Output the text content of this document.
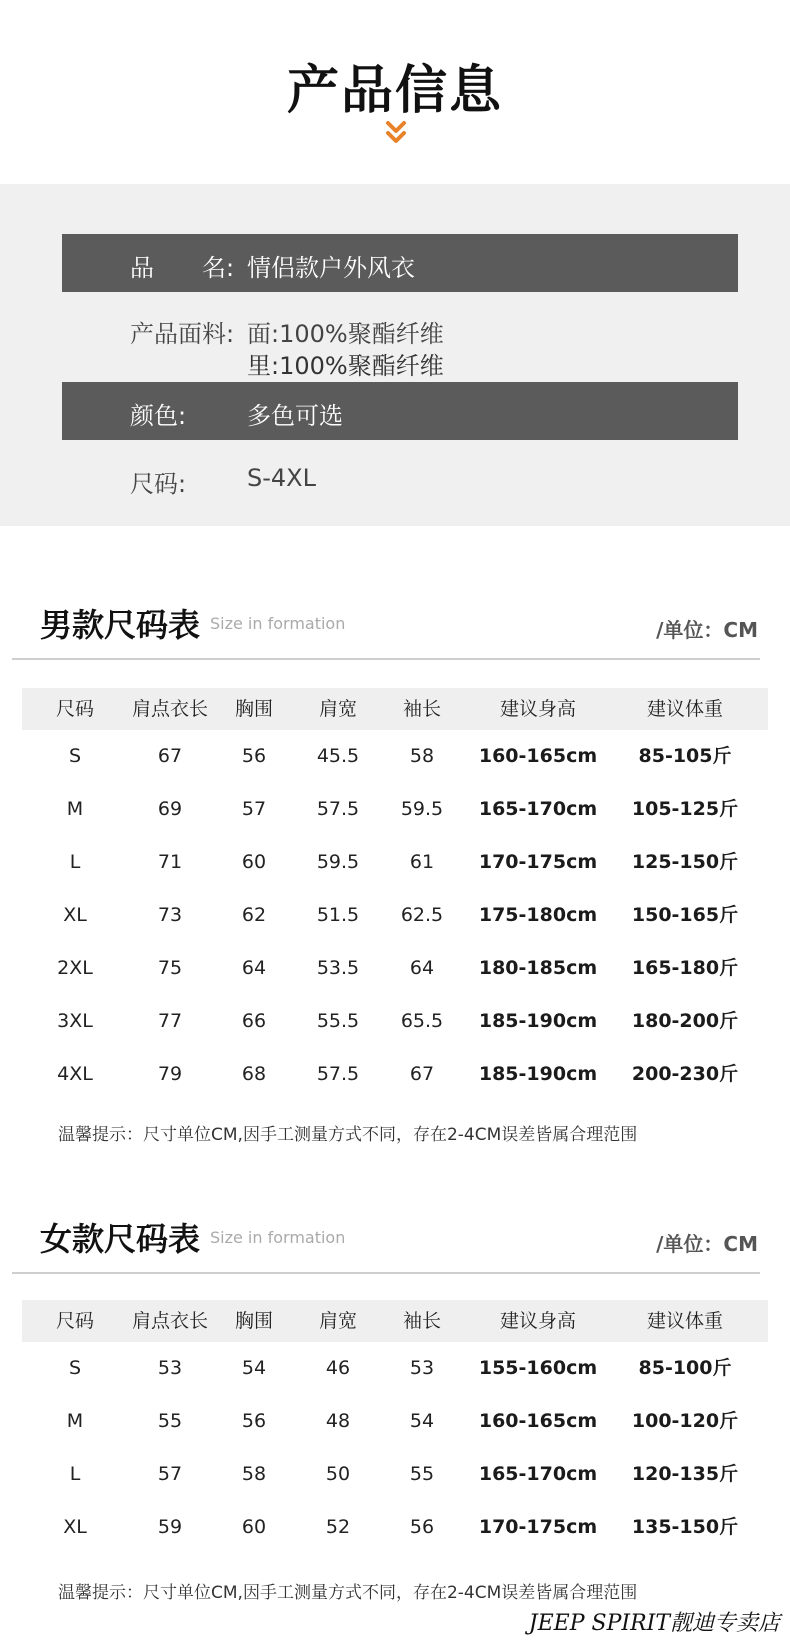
产品信息
品　　名: 情侣款户外风衣
产品面料: 面:100%聚酯纤维
里:100%聚酯纤维
颜色:	多色可选
尺码:	S-4XL
男款尺码表 Size in formation	/单位：CM
尺码	肩点衣长	胸围	肩宽	袖长	建议身高	建议体重
S	67	56	45.5	58	160-165cm	85-105斤
M	69	57	57.5	59.5	165-170cm	105-125斤
L	71	60	59.5	61	170-175cm	125-150斤
XL	73	62	51.5	62.5	175-180cm	150-165斤
2XL	75	64	53.5	64	180-185cm	165-180斤
3XL	77	66	55.5	65.5	185-190cm	180-200斤
4XL	79	68	57.5	67	185-190cm	200-230斤
温馨提示：尺寸单位CM,因手工测量方式不同，存在2-4CM误差皆属合理范围
女款尺码表 Size in formation	/单位：CM
尺码	肩点衣长	胸围	肩宽	袖长	建议身高	建议体重
S	53	54	46	53	155-160cm	85-100斤
M	55	56	48	54	160-165cm	100-120斤
L	57	58	50	55	165-170cm	120-135斤
XL	59	60	52	56	170-175cm	135-150斤
温馨提示：尺寸单位CM,因手工测量方式不同，存在2-4CM误差皆属合理范围
JEEP SPIRIT靓迪专卖店
